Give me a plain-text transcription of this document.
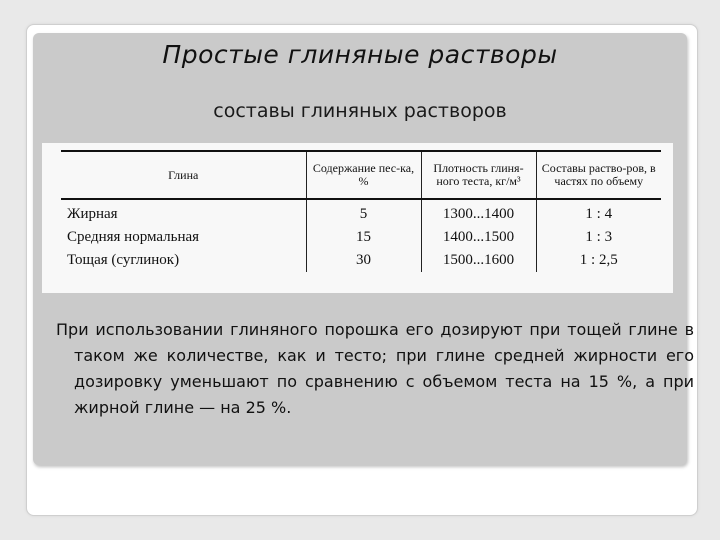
Простые глиняные растворы
составы глиняных растворов
Глина	Содержание пес-ка, %	Плотность глиня-ного теста, кг/м³	Составы раство-ров, в частях по объему
Жирная	5	1300...1400	1 : 4
Средняя нормальная	15	1400...1500	1 : 3
Тощая (суглинок)	30	1500...1600	1 : 2,5

При использовании глиняного порошка его дозируют при тощей глине в таком же количестве, как и тесто; при глине средней жирности его дозировку уменьшают по сравнению с объемом теста на 15 %, а при жирной глине — на 25 %.
